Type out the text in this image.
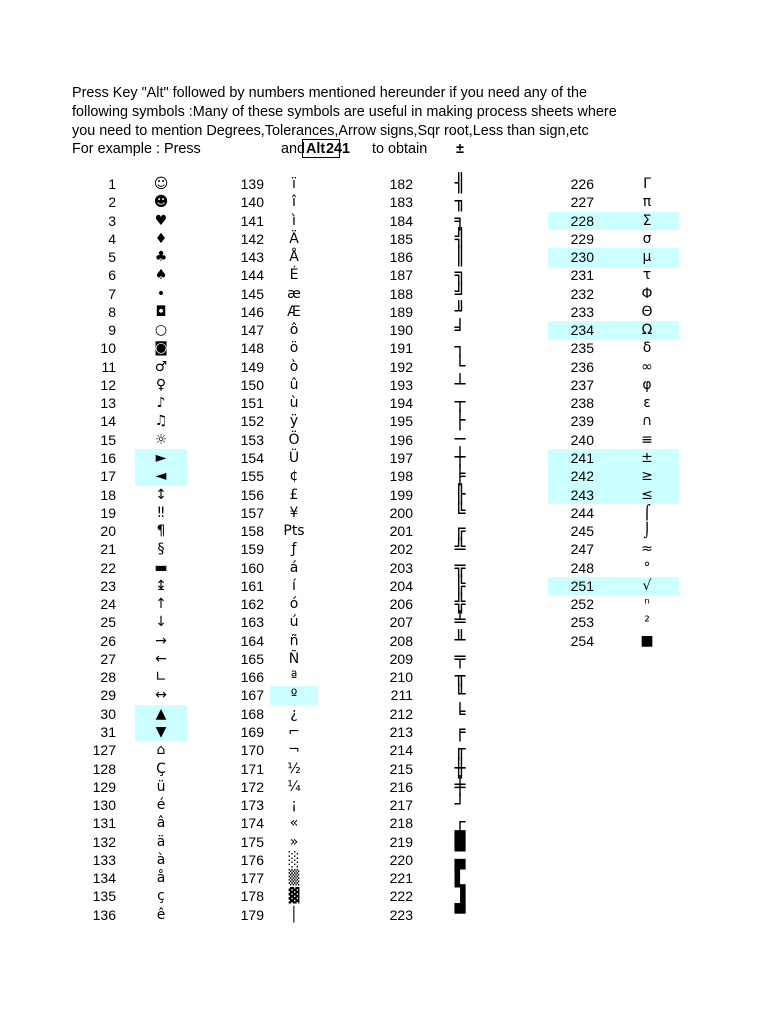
Press Key "Alt" followed by numbers mentioned hereunder if you need any of the
following symbols :Many of these symbols are useful in making process sheets where
you need to mention Degrees,Tolerances,Arrow signs,Sqr root,Less than sign,etc
For example : Press	Alt
and 241 to obtain ±
1	☺
2	☻
3	♥
4	♦
5	♣
6	♠
7	•
8	◘
9	○
10	◙
11	♂
12	♀
13	♪
14	♫
15	☼
16	►
17	◄
18	↕
19	‼
20	¶
21	§
22	▬
23	↨
24	↑
25	↓
26	→
27	←
28	∟
29	↔
30	▲
31	▼
127	⌂
128	Ç
129	ü
130	é
131	â
132	ä
133	à
134	å
135	ç
136	ê
139	ï
140	î
141	ì
142	Ä
143	Å
144	É
145	æ
146	Æ
147	ô
148	ö
149	ò
150	û
151	ù
152	ÿ
153	Ö
154	Ü
155	¢
156	£
157	¥
158	Pts
159	ƒ
160	á
161	í
162	ó
163	ú
164	ñ
165	Ñ
166	ª
167	º
168	¿
169	⌐
170	¬
171	½
172	¼
173	¡
174	«
175	»
176	░
177	▒
178	▓
179	│
182	╢
183	╖
184	╕
185	╣
186	║
187	╗
188	╝
189	╜
190	╛
191	┐
192	└
193	┴
194	┬
195	├
196	─
197	┼
198	╞
199	╟
200	╚
201	╔
202	╩
203	╦
204	╠
206	╬
207	╧
208	╨
209	╤
210	╥
211	╙
212	╘
213	╒
214	╓
215	╫
216	╪
217	┘
218	┌
219	█
220	▄
221	▌
222	▐
223	▀
226	Γ
227	π
228	Σ
229	σ
230	µ
231	τ
232	Φ
233	Θ
234	Ω
235	δ
236	∞
237	φ
238	ε
239	∩
240	≡
241	±
242	≥
243	≤
244	⌠
245	⌡
247	≈
248	°
251	√
252	ⁿ
253	²
254	■
